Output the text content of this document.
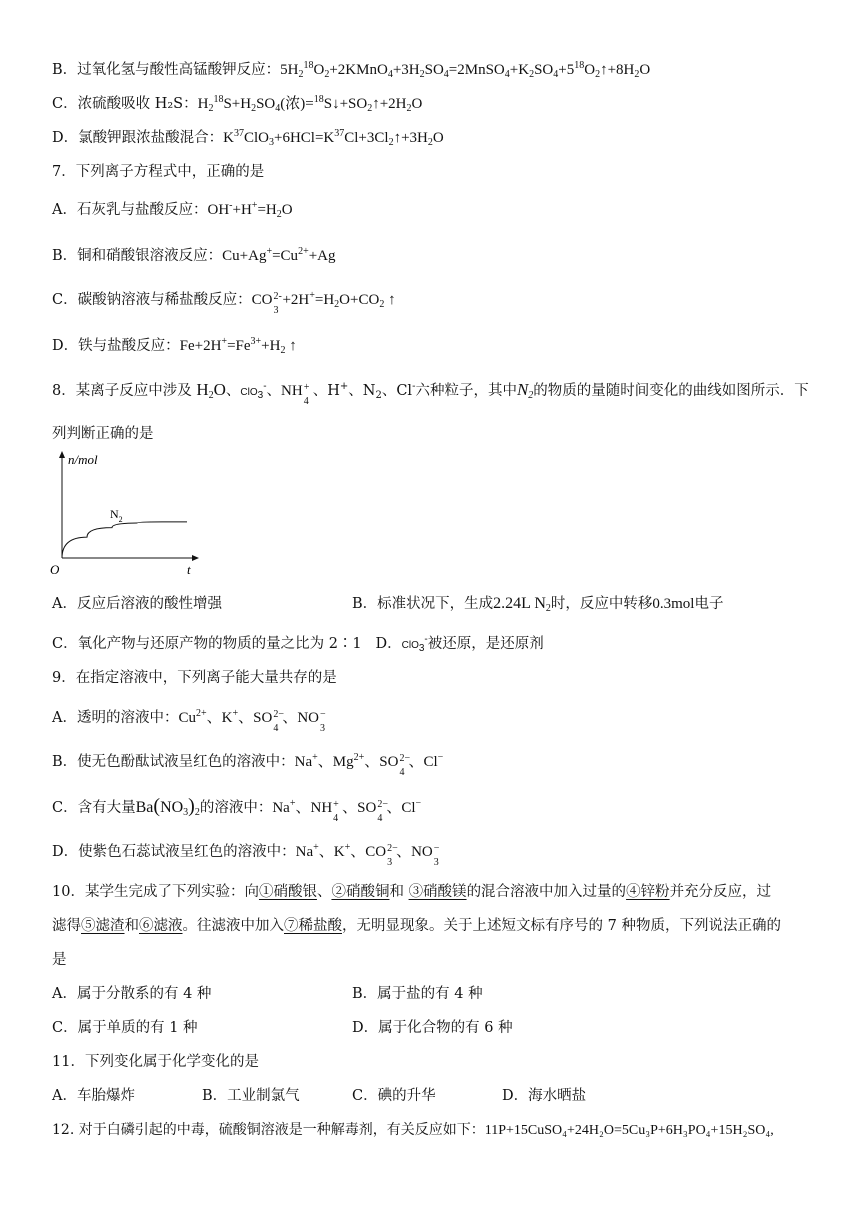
B．过氧化氢与酸性高锰酸钾反应：$5H_2^{18}O_2+2KMnO_4+3H_2SO_4=2MnSO_4+K_2SO_4+5^{18}O_2↑+8H_2O$
C．浓硫酸吸收 H₂S：$H_2^{18}S+H_2SO_4$(浓)$=^{18}S↓+SO_2↑+2H_2O$
D．氯酸钾跟浓盐酸混合：$K^{37}ClO_3+6HCl=K^{37}Cl+3Cl_2↑+3H_2O$
7．下列离子方程式中，正确的是
A．石灰乳与盐酸反应：$OH^-+H^+=H_2O$
B．铜和硝酸银溶液反应：$Cu+Ag^+=Cu^{2+}+Ag$
C．碳酸钠溶液与稀盐酸反应：CO 2-
3
$+2H^+=H_2O+CO_2$ ↑
D．铁与盐酸反应：$Fe+2H^+=Fe^{3+}+H_2$ ↑
8．某离子反应中涉及 $H_2O$、ClO$_3$-、NH +
4
、H+、$N_2$、Cl-六种粒子，其中$N_2$的物质的量随时间变化的曲线如图所示．下
列判断正确的是
n/mol
t
O
$N_2$
A．反应后溶液的酸性增强	B．标准状况下，生成2.24L $N_2$时，反应中转移0.3mol电子
C．氧化产物与还原产物的物质的量之比为 2∶1 D．ClO$_3$-被还原，是还原剂
9．在指定溶液中，下列离子能大量共存的是
A．透明的溶液中：$Cu^{2+}$、K+、SO 2−
4
、NO −
3
B．使无色酚酞试液呈红色的溶液中：Na+、$Mg^{2+}$、SO 2−
4
、Cl−
C．含有大量$Ba(NO_3)_2$的溶液中：Na+、NH +
4
、SO 2−
4
、Cl−
D．使紫色石蕊试液呈红色的溶液中：Na+、K+、CO 2−
3
、NO −
3
10．某学生完成了下列实验：向①硝酸银、②硝酸铜和 ③硝酸镁的混合溶液中加入过量的④锌粉并充分反应，过
滤得⑤滤渣和⑥滤液。往滤液中加入⑦稀盐酸，无明显现象。关于上述短文标有序号的 7 种物质，下列说法正确的
是
A．属于分散系的有 4 种	B．属于盐的有 4 种
C．属于单质的有 1 种	D．属于化合物的有 6 种
11．下列变化属于化学变化的是
A．车胎爆炸	B．工业制氯气	C．碘的升华	D．海水晒盐
12. 对于白磷引起的中毒，硫酸铜溶液是一种解毒剂，有关反应如下：11P+15CuSO₄+24H₂O=5Cu₃P+6H₃PO₄+15H₂SO₄,
